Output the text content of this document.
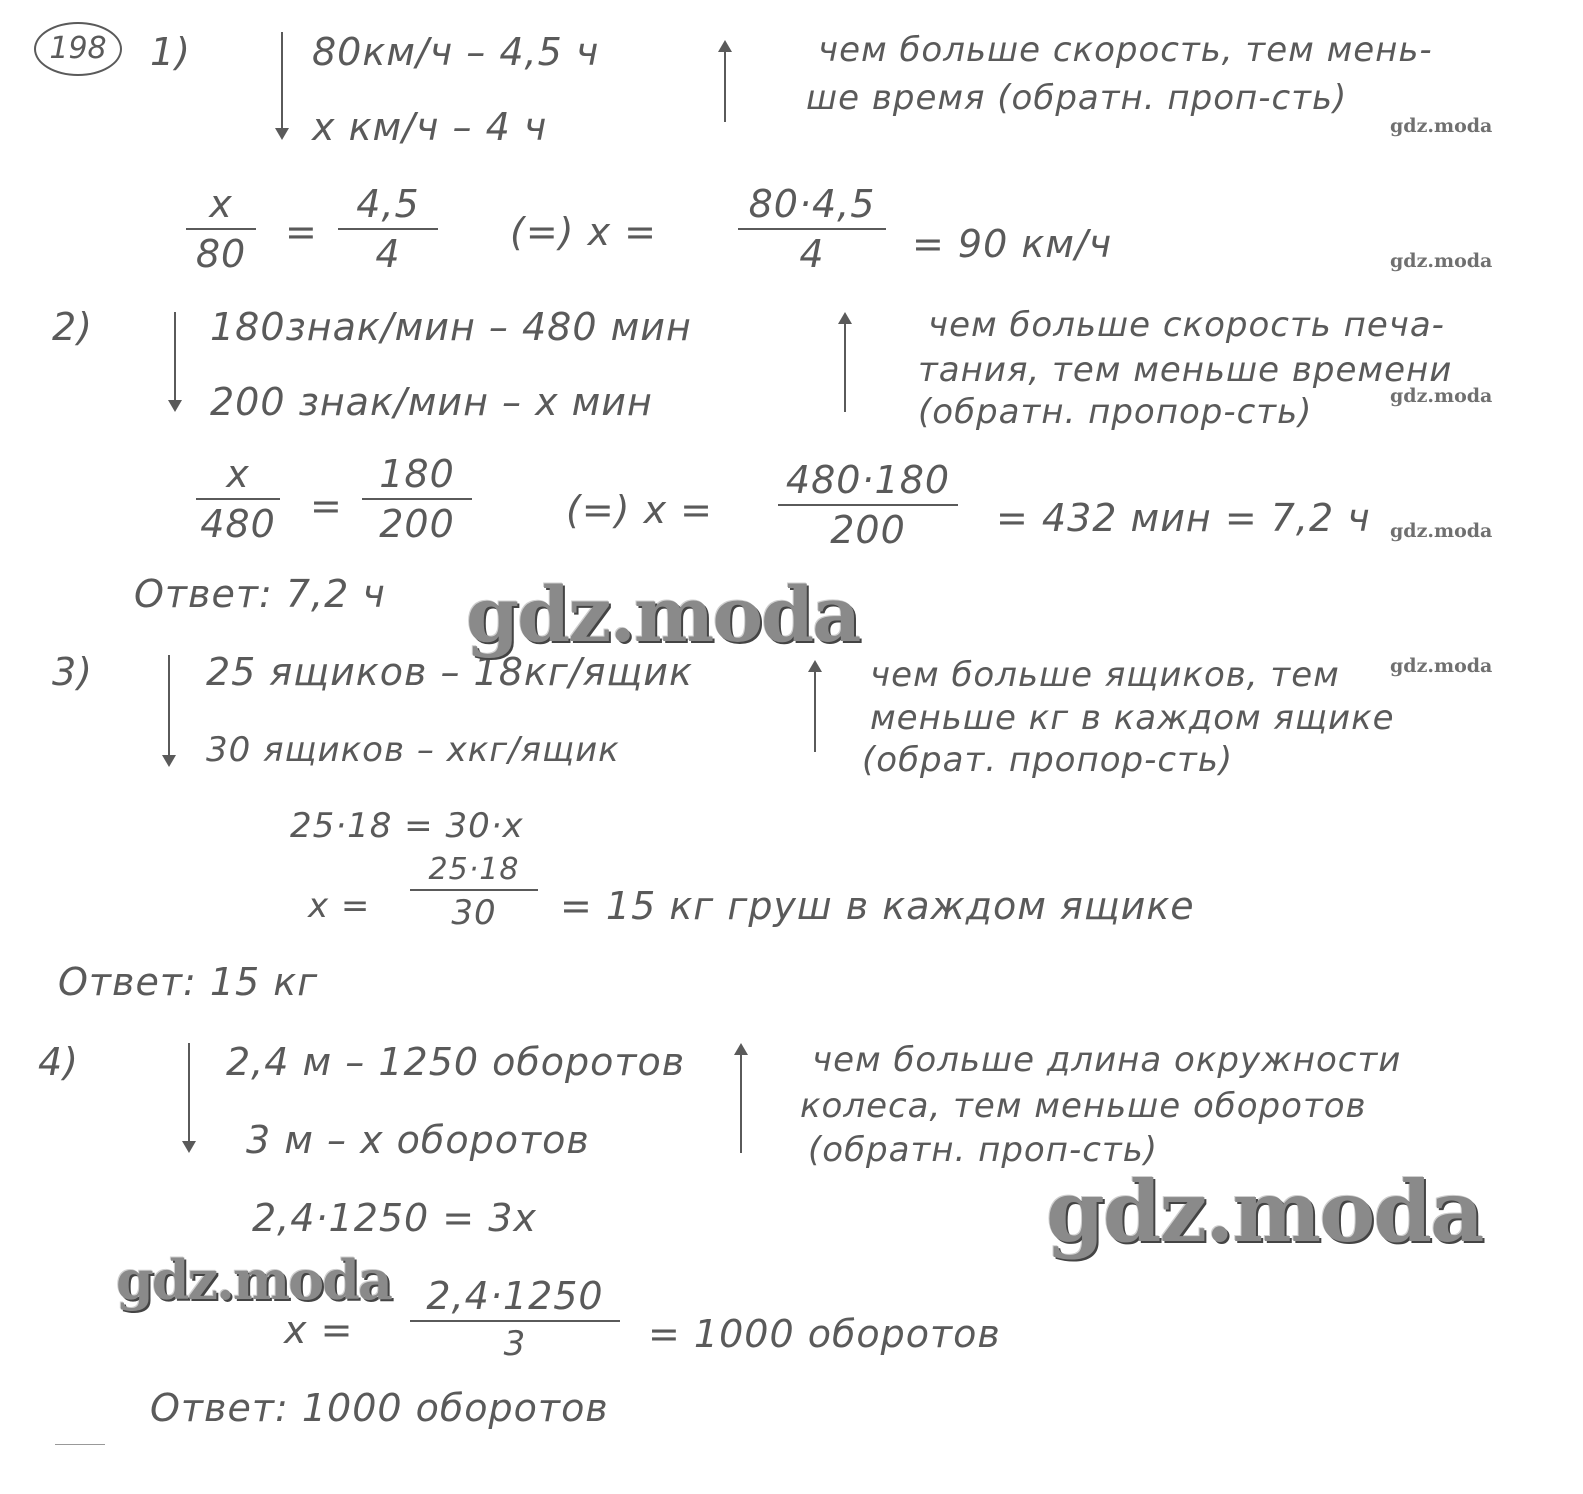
198	1)	80км/ч – 4,5 ч
х км/ч – 4 ч
чем больше скорость, тем мень-
ше время (обратн. проп-сть)
х
80 =
4,5
4	(=) х =
80·4,5
4	= 90 км/ч
2)	180знак/мин – 480 мин
200 знак/мин – х мин
чем больше скорость печа-
тания, тем меньше времени
(обратн. пропор-сть)
х
480 =
180
200	(=) х =
480·180
200	= 432 мин = 7,2 ч
Ответ: 7,2 ч
3)	25 ящиков – 18кг/ящик
30 ящиков – хкг/ящик
чем больше ящиков, тем
меньше кг в каждом ящике
(обрат. пропор-сть)
25·18 = 30·х
х =
25·18
30	= 15 кг груш в каждом ящике
Ответ: 15 кг
4)	2,4 м – 1250 оборотов
3 м – х оборотов
чем больше длина окружности
колеса, тем меньше оборотов
(обратн. проп-сть)
2,4·1250 = 3х
х =
2,4·1250
3	= 1000 оборотов
Ответ: 1000 оборотов
gdz.moda
gdz.moda
gdz.moda
gdz.moda
gdz.moda
gdz.moda
gdz.moda
gdz.moda
